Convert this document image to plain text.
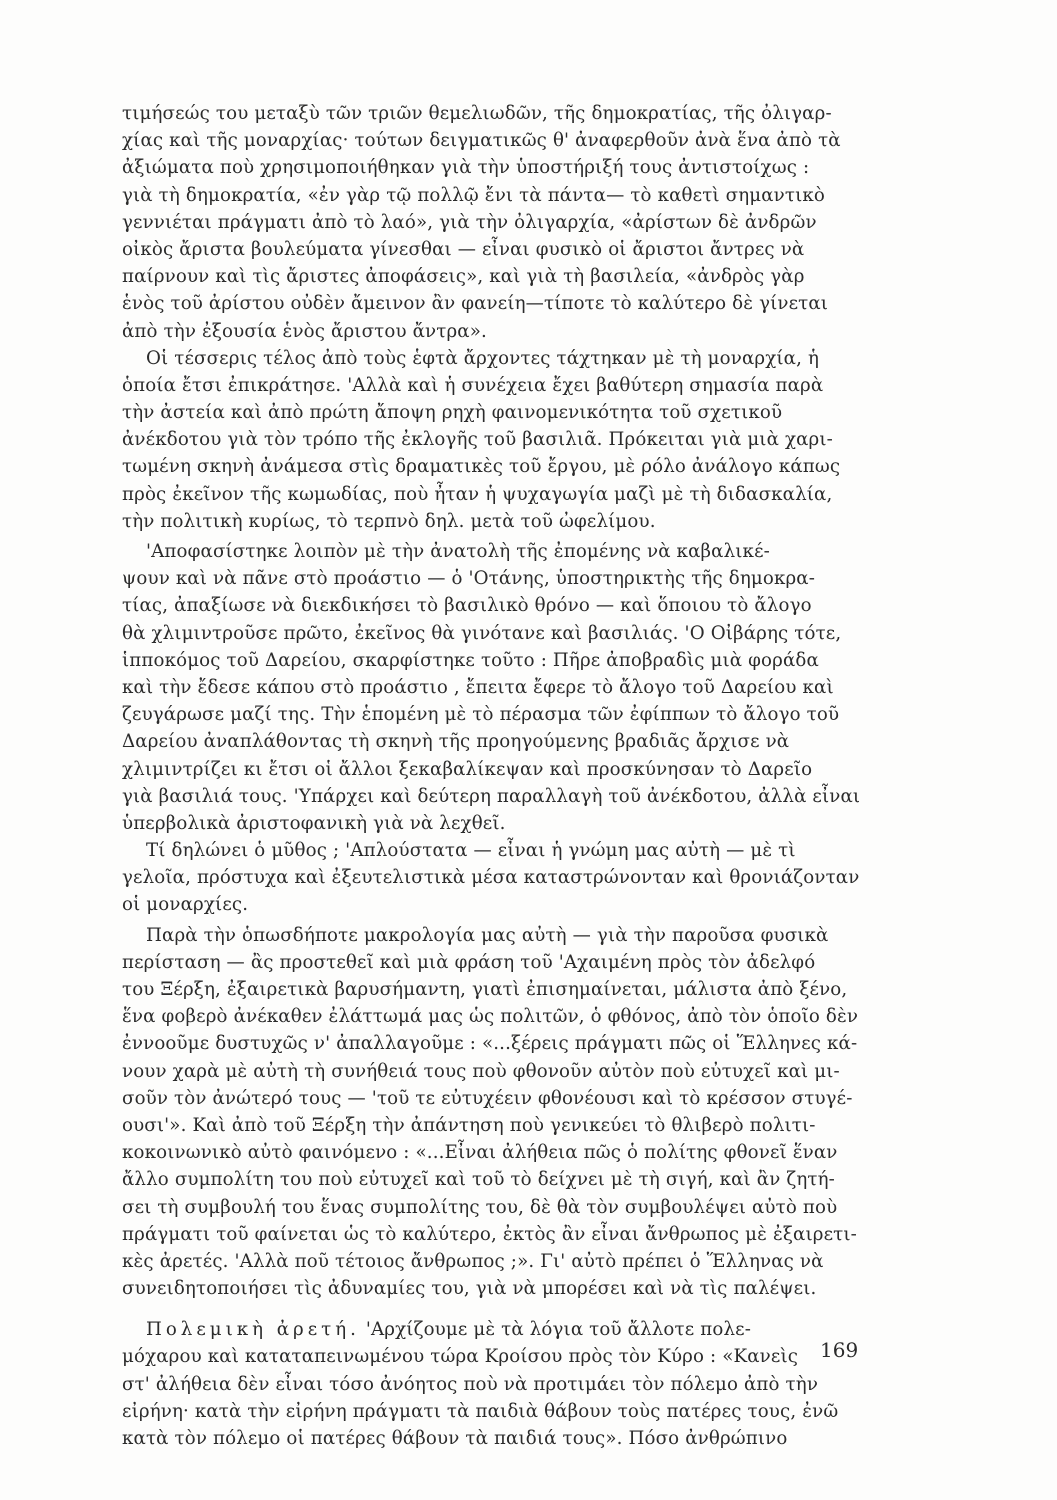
τιμήσεώς του μεταξὺ τῶν τριῶν θεμελιωδῶν, τῆς δημοκρατίας, τῆς ὀλιγαρ-
χίας καὶ τῆς μοναρχίας· τούτων δειγματικῶς θ' ἀναφερθοῦν ἀνὰ ἕνα ἀπὸ τὰ
ἀξιώματα ποὺ χρησιμοποιήθηκαν γιὰ τὴν ὑποστήριξή τους ἀντιστοίχως :
γιὰ τὴ δημοκρατία, «ἐν γὰρ τῷ πολλῷ ἔνι τὰ πάντα— τὸ καθετὶ σημαντικὸ
γεννιέται πράγματι ἀπὸ τὸ λαό», γιὰ τὴν ὀλιγαρχία, «ἀρίστων δὲ ἀνδρῶν
οἰκὸς ἄριστα βουλεύματα γίνεσθαι — εἶναι φυσικὸ οἱ ἄριστοι ἄντρες νὰ
παίρνουν καὶ τὶς ἄριστες ἀποφάσεις», καὶ γιὰ τὴ βασιλεία, «ἀνδρὸς γὰρ
ἑνὸς τοῦ ἀρίστου οὐδὲν ἄμεινον ἂν φανείη—τίποτε τὸ καλύτερο δὲ γίνεται
ἀπὸ τὴν ἐξουσία ἑνὸς ἄριστου ἄντρα».
Οἱ τέσσερις τέλος ἀπὸ τοὺς ἑφτὰ ἄρχοντες τάχτηκαν μὲ τὴ μοναρχία, ἡ
ὁποία ἔτσι ἐπικράτησε. 'Αλλὰ καὶ ἡ συνέχεια ἔχει βαθύτερη σημασία παρὰ
τὴν ἀστεία καὶ ἀπὸ πρώτη ἄποψη ρηχὴ φαινομενικότητα τοῦ σχετικοῦ
ἀνέκδοτου γιὰ τὸν τρόπο τῆς ἐκλογῆς τοῦ βασιλιᾶ. Πρόκειται γιὰ μιὰ χαρι-
τωμένη σκηνὴ ἀνάμεσα στὶς δραματικὲς τοῦ ἔργου, μὲ ρόλο ἀνάλογο κάπως
πρὸς ἐκεῖνον τῆς κωμωδίας, ποὺ ἦταν ἡ ψυχαγωγία μαζὶ μὲ τὴ διδασκαλία,
τὴν πολιτικὴ κυρίως, τὸ τερπνὸ δηλ. μετὰ τοῦ ὠφελίμου.
'Αποφασίστηκε λοιπὸν μὲ τὴν ἀνατολὴ τῆς ἐπομένης νὰ καβαλικέ-
ψουν καὶ νὰ πᾶνε στὸ προάστιο — ὁ 'Οτάνης, ὑποστηρικτὴς τῆς δημοκρα-
τίας, ἀπαξίωσε νὰ διεκδικήσει τὸ βασιλικὸ θρόνο — καὶ ὅποιου τὸ ἄλογο
θὰ χλιμιντροῦσε πρῶτο, ἐκεῖνος θὰ γινότανε καὶ βασιλιάς. 'Ο Οἰβάρης τότε,
ἱπποκόμος τοῦ Δαρείου, σκαρφίστηκε τοῦτο : Πῆρε ἀποβραδὶς μιὰ φοράδα
καὶ τὴν ἔδεσε κάπου στὸ προάστιο , ἔπειτα ἔφερε τὸ ἄλογο τοῦ Δαρείου καὶ
ζευγάρωσε μαζί της. Τὴν ἑπομένη μὲ τὸ πέρασμα τῶν ἐφίππων τὸ ἄλογο τοῦ
Δαρείου ἀναπλάθοντας τὴ σκηνὴ τῆς προηγούμενης βραδιᾶς ἄρχισε νὰ
χλιμιντρίζει κι ἔτσι οἱ ἄλλοι ξεκαβαλίκεψαν καὶ προσκύνησαν τὸ Δαρεῖο
γιὰ βασιλιά τους. 'Υπάρχει καὶ δεύτερη παραλλαγὴ τοῦ ἀνέκδοτου, ἀλλὰ εἶναι
ὑπερβολικὰ ἀριστοφανικὴ γιὰ νὰ λεχθεῖ.
Τί δηλώνει ὁ μῦθος ; 'Απλούστατα — εἶναι ἡ γνώμη μας αὐτὴ — μὲ τὶ
γελοῖα, πρόστυχα καὶ ἐξευτελιστικὰ μέσα καταστρώνονταν καὶ θρονιάζονταν
οἱ μοναρχίες.
Παρὰ τὴν ὁπωσδήποτε μακρολογία μας αὐτὴ — γιὰ τὴν παροῦσα φυσικὰ
περίσταση — ἂς προστεθεῖ καὶ μιὰ φράση τοῦ 'Αχαιμένη πρὸς τὸν ἀδελφό
του Ξέρξη, ἐξαιρετικὰ βαρυσήμαντη, γιατὶ ἐπισημαίνεται, μάλιστα ἀπὸ ξένο,
ἕνα φοβερὸ ἀνέκαθεν ἐλάττωμά μας ὡς πολιτῶν, ὁ φθόνος, ἀπὸ τὸν ὁποῖο δὲν
ἐννοοῦμε δυστυχῶς ν' ἀπαλλαγοῦμε : «...ξέρεις πράγματι πῶς οἱ Ἕλληνες κά-
νουν χαρὰ μὲ αὐτὴ τὴ συνήθειά τους ποὺ φθονοῦν αὐτὸν ποὺ εὐτυχεῖ καὶ μι-
σοῦν τὸν ἀνώτερό τους — 'τοῦ τε εὐτυχέειν φθονέουσι καὶ τὸ κρέσσον στυγέ-
ουσι'». Καὶ ἀπὸ τοῦ Ξέρξη τὴν ἀπάντηση ποὺ γενικεύει τὸ θλιβερὸ πολιτι-
κοκοινωνικὸ αὐτὸ φαινόμενο : «...Εἶναι ἀλήθεια πῶς ὁ πολίτης φθονεῖ ἕναν
ἄλλο συμπολίτη του ποὺ εὐτυχεῖ καὶ τοῦ τὸ δείχνει μὲ τὴ σιγή, καὶ ἂν ζητή-
σει τὴ συμβουλή του ἕνας συμπολίτης του, δὲ θὰ τὸν συμβουλέψει αὐτὸ ποὺ
πράγματι τοῦ φαίνεται ὡς τὸ καλύτερο, ἐκτὸς ἂν εἶναι ἄνθρωπος μὲ ἐξαιρετι-
κὲς ἀρετές. 'Αλλὰ ποῦ τέτοιος ἄνθρωπος ;». Γι' αὐτὸ πρέπει ὁ Ἕλληνας νὰ
συνειδητοποιήσει τὶς ἀδυναμίες του, γιὰ νὰ μπορέσει καὶ νὰ τὶς παλέψει.
Πολεμικὴ ἀρετή. 'Αρχίζουμε μὲ τὰ λόγια τοῦ ἄλλοτε πολε-
μόχαρου καὶ καταταπεινωμένου τώρα Κροίσου πρὸς τὸν Κύρο : «Κανεὶς
στ' ἀλήθεια δὲν εἶναι τόσο ἀνόητος ποὺ νὰ προτιμάει τὸν πόλεμο ἀπὸ τὴν
εἰρήνη· κατὰ τὴν εἰρήνη πράγματι τὰ παιδιὰ θάβουν τοὺς πατέρες τους, ἐνῶ
κατὰ τὸν πόλεμο οἱ πατέρες θάβουν τὰ παιδιά τους». Πόσο ἀνθρώπινο
169
